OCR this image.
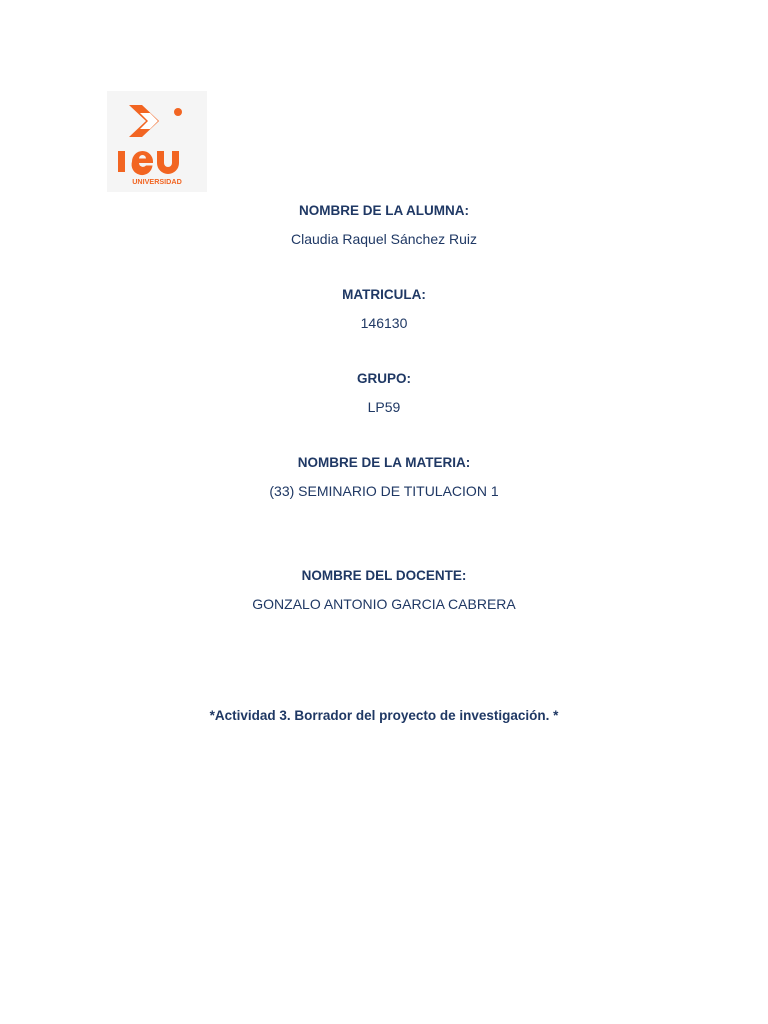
UNIVERSIDAD
NOMBRE DE LA ALUMNA:
Claudia Raquel Sánchez Ruiz
MATRICULA:
146130
GRUPO:
LP59
NOMBRE DE LA MATERIA:
(33) SEMINARIO DE TITULACION 1
NOMBRE DEL DOCENTE:
GONZALO ANTONIO GARCIA CABRERA
*Actividad 3. Borrador del proyecto de investigación. *
